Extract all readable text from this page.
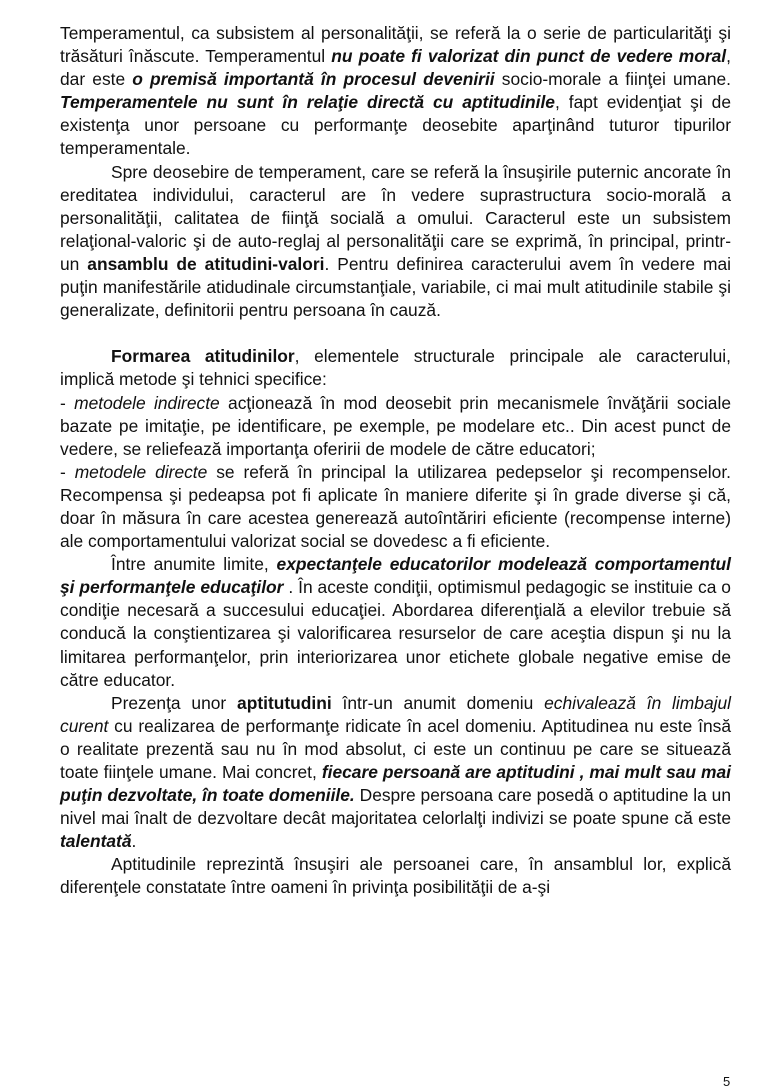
Temperamentul, ca subsistem al personalităţii, se referă la o serie de particularităţi şi trăsături înăscute. Temperamentul nu poate fi valorizat din punct de vedere moral, dar este o premisă importantă în procesul devenirii socio-morale a fiinţei umane. Temperamentele nu sunt în relaţie directă cu aptitudinile, fapt evidenţiat şi de existenţa unor persoane cu performanţe deosebite aparţinând tuturor tipurilor temperamentale.

Spre deosebire de temperament, care se referă la însuşirile puternic ancorate în ereditatea individului, caracterul are în vedere suprastructura socio-morală a personalităţii, calitatea de fiinţă socială a omului. Caracterul este un subsistem relaţional-valoric şi de auto-reglaj al personalităţii care se exprimă, în principal, printr-un ansamblu de atitudini-valori. Pentru definirea caracterului avem în vedere mai puţin manifestările atidudinale circumstanţiale, variabile, ci mai mult atitudinile stabile şi generalizate, definitorii pentru persoana în cauză.

Formarea atitudinilor, elementele structurale principale ale caracterului, implică metode şi tehnici specifice:

- metodele indirecte acţionează în mod deosebit prin mecanismele învăţării sociale bazate pe imitaţie, pe identificare, pe exemple, pe modelare etc.. Din acest punct de vedere, se reliefează importanţa oferirii de modele de către educatori;

- metodele directe se referă în principal la utilizarea pedepselor şi recompenselor. Recompensa şi pedeapsa pot fi aplicate în maniere diferite şi în grade diverse şi că, doar în măsura în care acestea generează autoîntăriri eficiente (recompense interne) ale comportamentului valorizat social se dovedesc a fi eficiente.

Între anumite limite, expectanţele educatorilor modelează comportamentul şi performanţele educaţilor . În aceste condiţii, optimismul pedagogic se instituie ca o condiţie necesară a succesului educaţiei. Abordarea diferenţială a elevilor trebuie să conducă la conştientizarea şi valorificarea resurselor de care aceştia dispun şi nu la limitarea performanţelor, prin interiorizarea unor etichete globale negative emise de către educator.

Prezenţa unor aptitutudini într-un anumit domeniu echivalează în limbajul curent cu realizarea de performanţe ridicate în acel domeniu. Aptitudinea nu este însă o realitate prezentă sau nu în mod absolut, ci este un continuu pe care se situează toate fiinţele umane. Mai concret, fiecare persoană are aptitudini , mai mult sau mai puţin dezvoltate, în toate domeniile. Despre persoana care posedă o aptitudine la un nivel mai înalt de dezvoltare decât majoritatea celorlalţi indivizi se poate spune că este talentată.

Aptitudinile reprezintă însuşiri ale persoanei care, în ansamblul lor, explică diferenţele constatate între oameni în privinţa posibilităţii de a-şi

5
